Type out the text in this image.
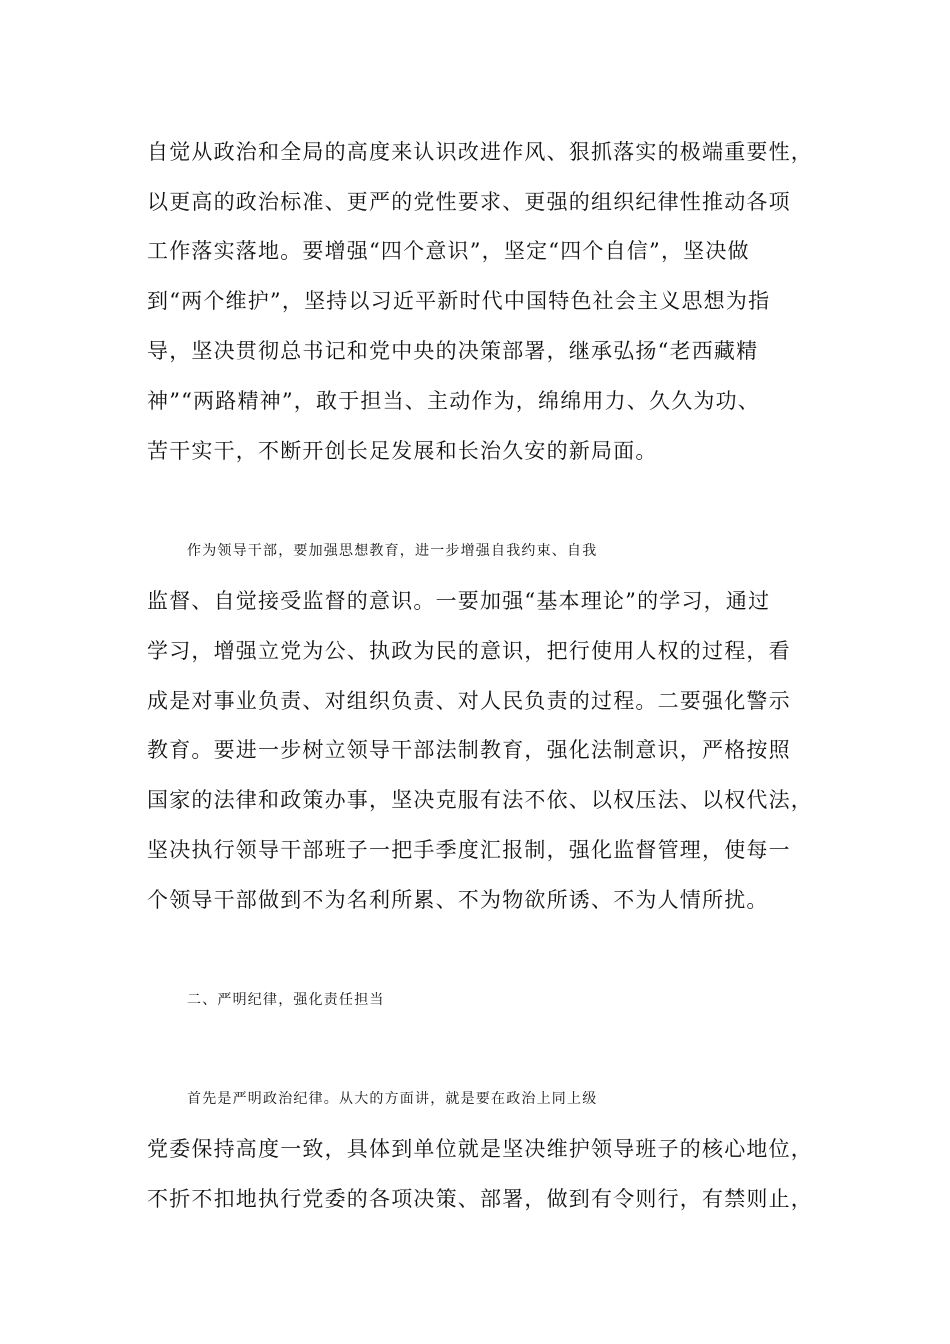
自觉从政治和全局的高度来认识改进作风、狠抓落实的极端重要性，
以更高的政治标准、更严的党性要求、更强的组织纪律性推动各项
工作落实落地。要增强“四个意识”，坚定“四个自信”，坚决做
到“两个维护”，坚持以习近平新时代中国特色社会主义思想为指
导，坚决贯彻总书记和党中央的决策部署，继承弘扬“老西藏精
神”“两路精神”，敢于担当、主动作为，绵绵用力、久久为功、
苦干实干，不断开创长足发展和长治久安的新局面。
作为领导干部，要加强思想教育，进一步增强自我约束、自我
监督、自觉接受监督的意识。一要加强“基本理论”的学习，通过
学习，增强立党为公、执政为民的意识，把行使用人权的过程，看
成是对事业负责、对组织负责、对人民负责的过程。二要强化警示
教育。要进一步树立领导干部法制教育，强化法制意识，严格按照
国家的法律和政策办事，坚决克服有法不依、以权压法、以权代法，
坚决执行领导干部班子一把手季度汇报制，强化监督管理，使每一
个领导干部做到不为名利所累、不为物欲所诱、不为人情所扰。
二、严明纪律，强化责任担当
首先是严明政治纪律。从大的方面讲，就是要在政治上同上级
党委保持高度一致，具体到单位就是坚决维护领导班子的核心地位，
不折不扣地执行党委的各项决策、部署，做到有令则行，有禁则止，
